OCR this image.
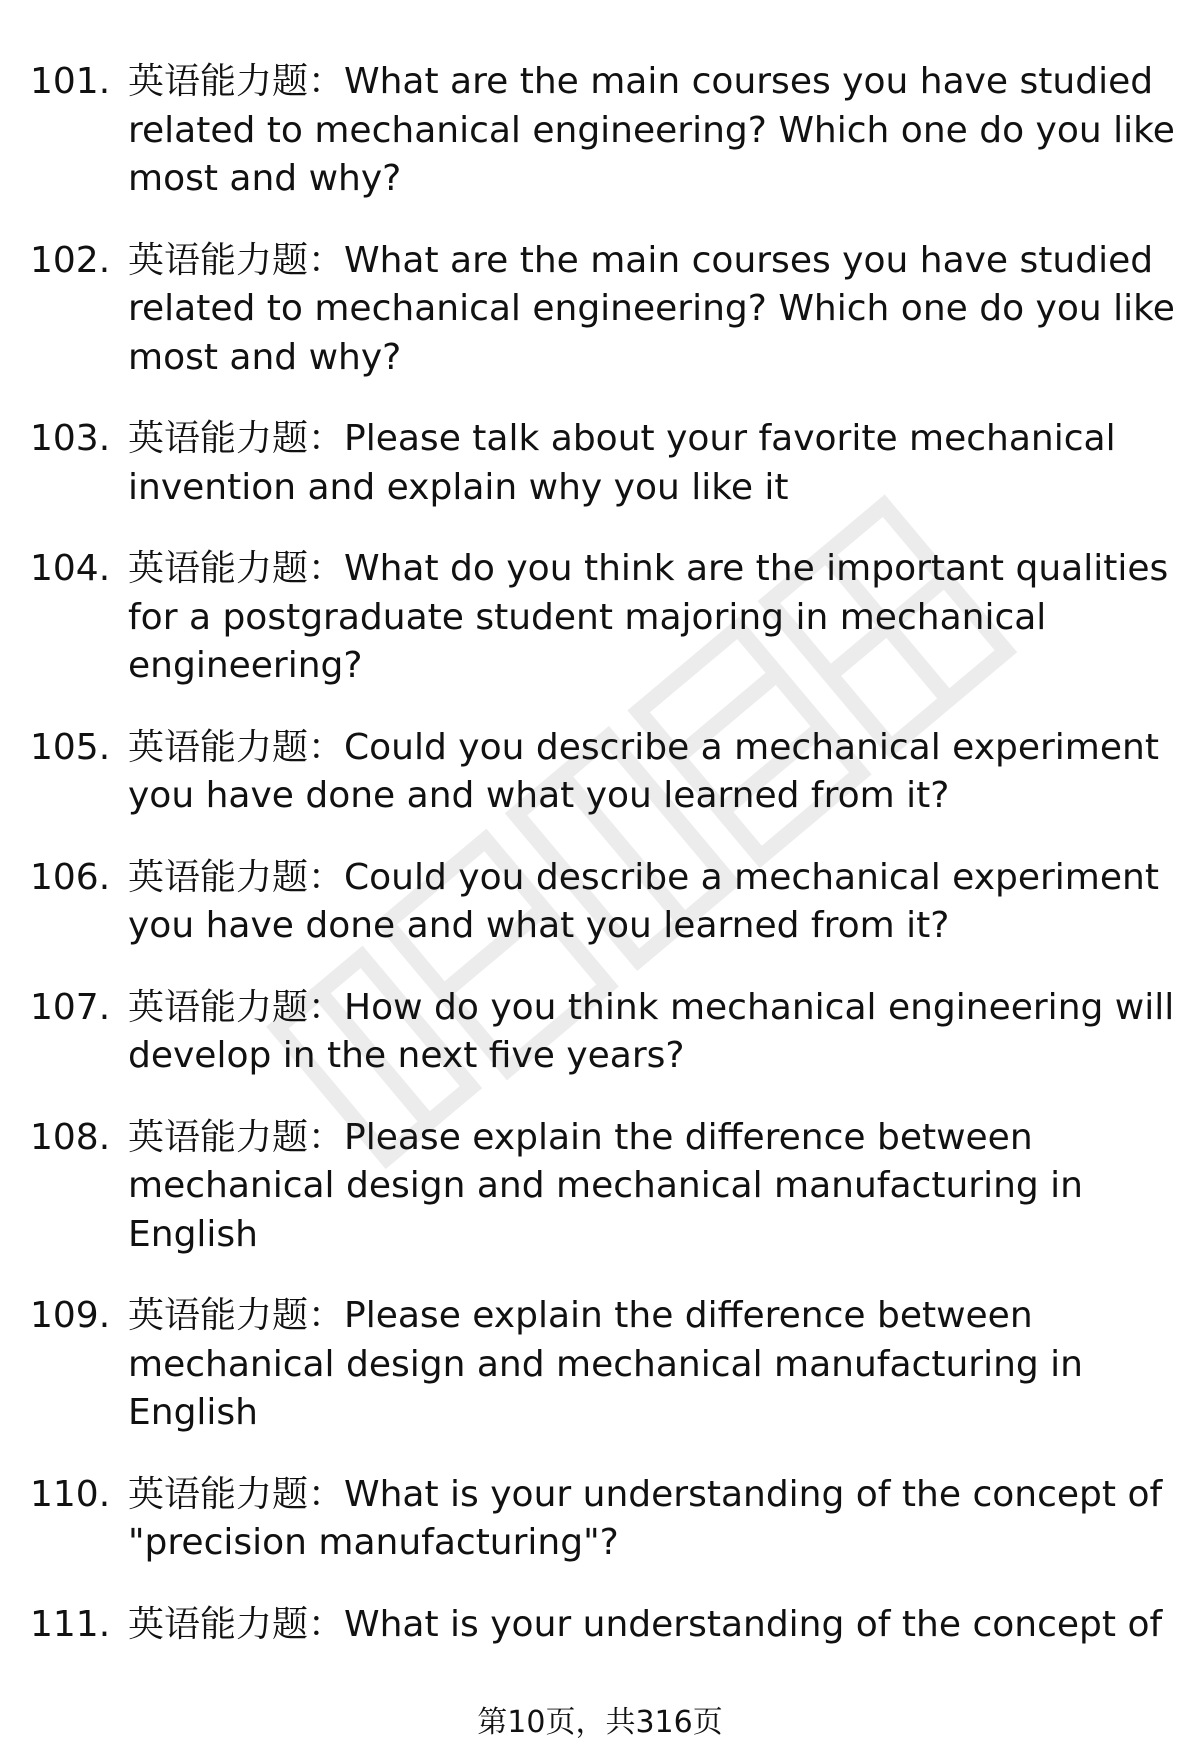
101. 英语能力题：What are the main courses you have studied related to mechanical engineering? Which one do you like most and why?
102. 英语能力题：What are the main courses you have studied related to mechanical engineering? Which one do you like most and why?
103. 英语能力题：Please talk about your favorite mechanical invention and explain why you like it
104. 英语能力题：What do you think are the important qualities for a postgraduate student majoring in mechanical engineering?
105. 英语能力题：Could you describe a mechanical experiment you have done and what you learned from it?
106. 英语能力题：Could you describe a mechanical experiment you have done and what you learned from it?
107. 英语能力题：How do you think mechanical engineering will develop in the next five years?
108. 英语能力题：Please explain the difference between mechanical design and mechanical manufacturing in English
109. 英语能力题：Please explain the difference between mechanical design and mechanical manufacturing in English
110. 英语能力题：What is your understanding of the concept of "precision manufacturing"?
111. 英语能力题：What is your understanding of the concept of
第10页，共316页
